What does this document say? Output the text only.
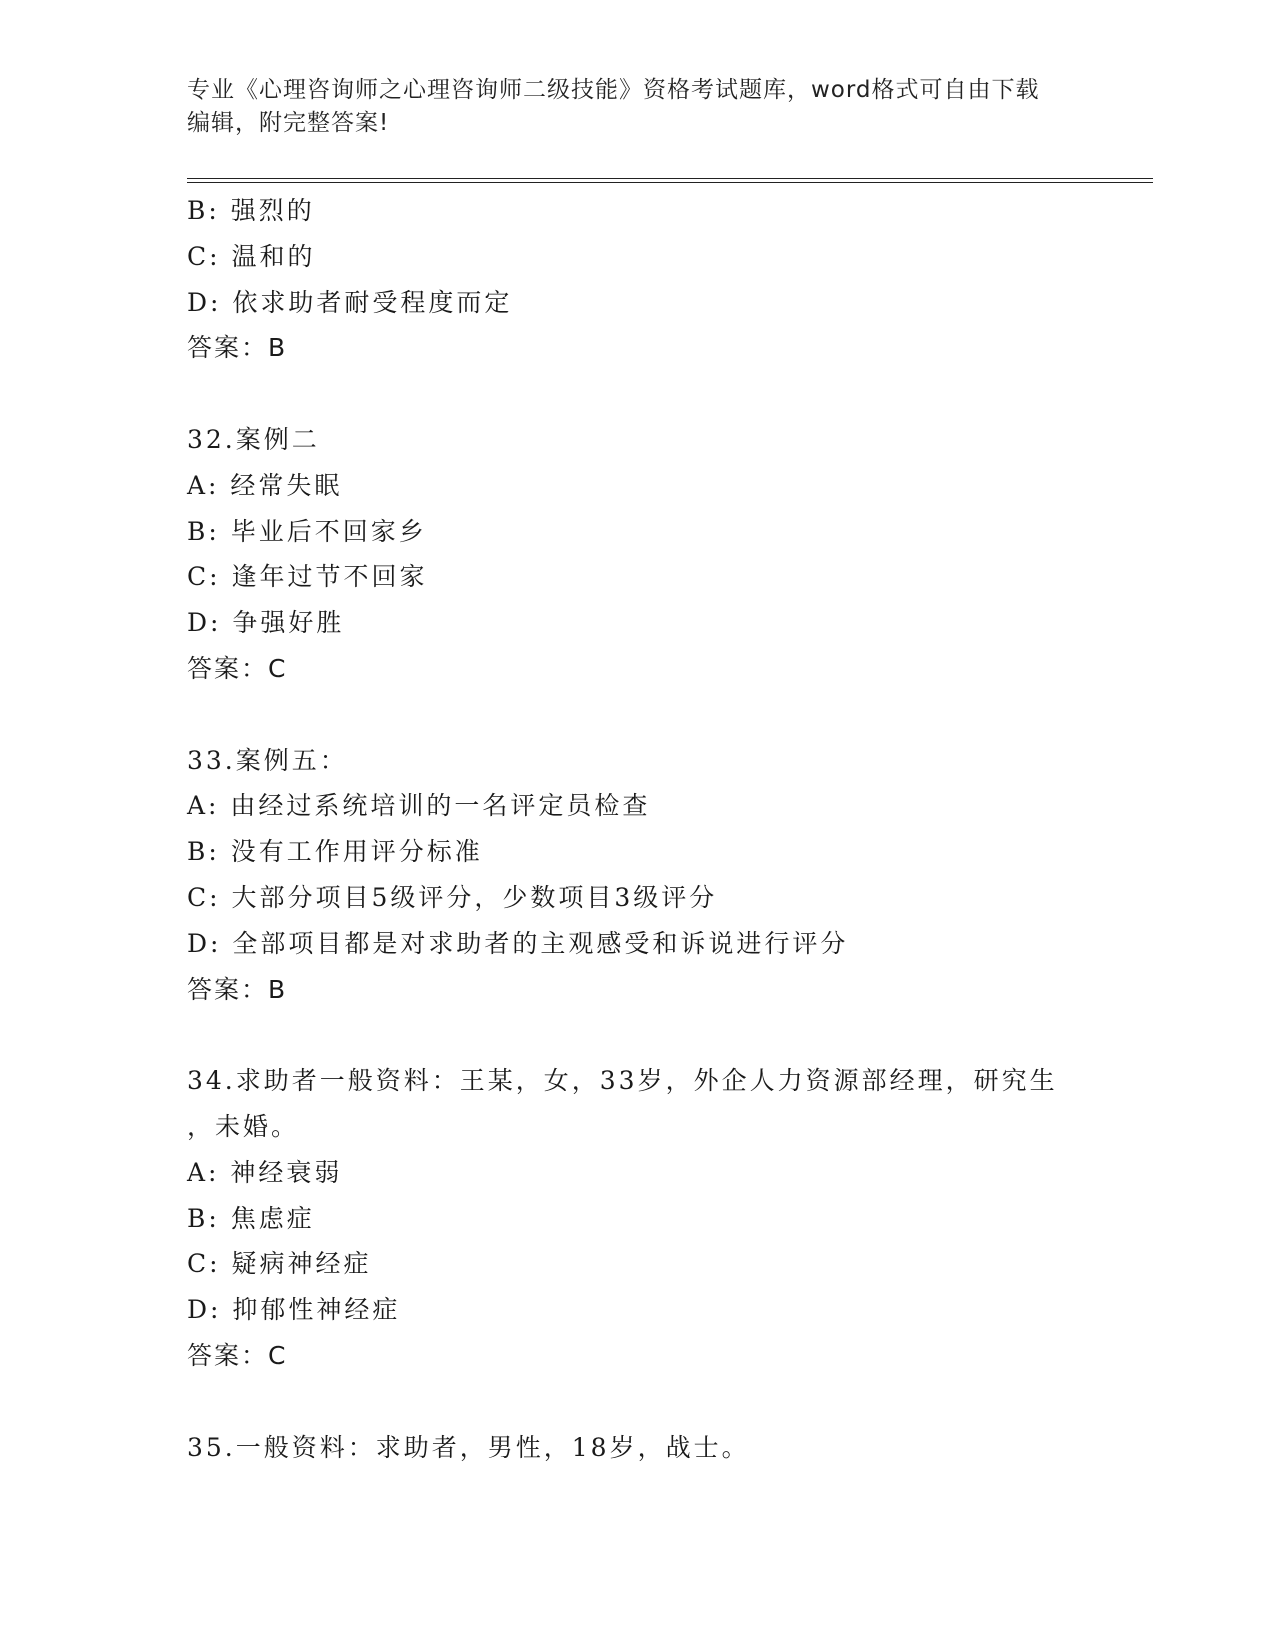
专业《心理咨询师之心理咨询师二级技能》资格考试题库，word格式可自由下载
编辑，附完整答案!
B: 强烈的
C: 温和的
D: 依求助者耐受程度而定
答案：B
32.案例二
A: 经常失眠
B: 毕业后不回家乡
C: 逢年过节不回家
D: 争强好胜
答案：C
33.案例五：
A: 由经过系统培训的一名评定员检查
B: 没有工作用评分标准
C: 大部分项目5级评分，少数项目3级评分
D: 全部项目都是对求助者的主观感受和诉说进行评分
答案：B
34.求助者一般资料：王某，女，33岁，外企人力资源部经理，研究生
，未婚。
A: 神经衰弱
B: 焦虑症
C: 疑病神经症
D: 抑郁性神经症
答案：C
35.一般资料：求助者，男性，18岁，战士。
